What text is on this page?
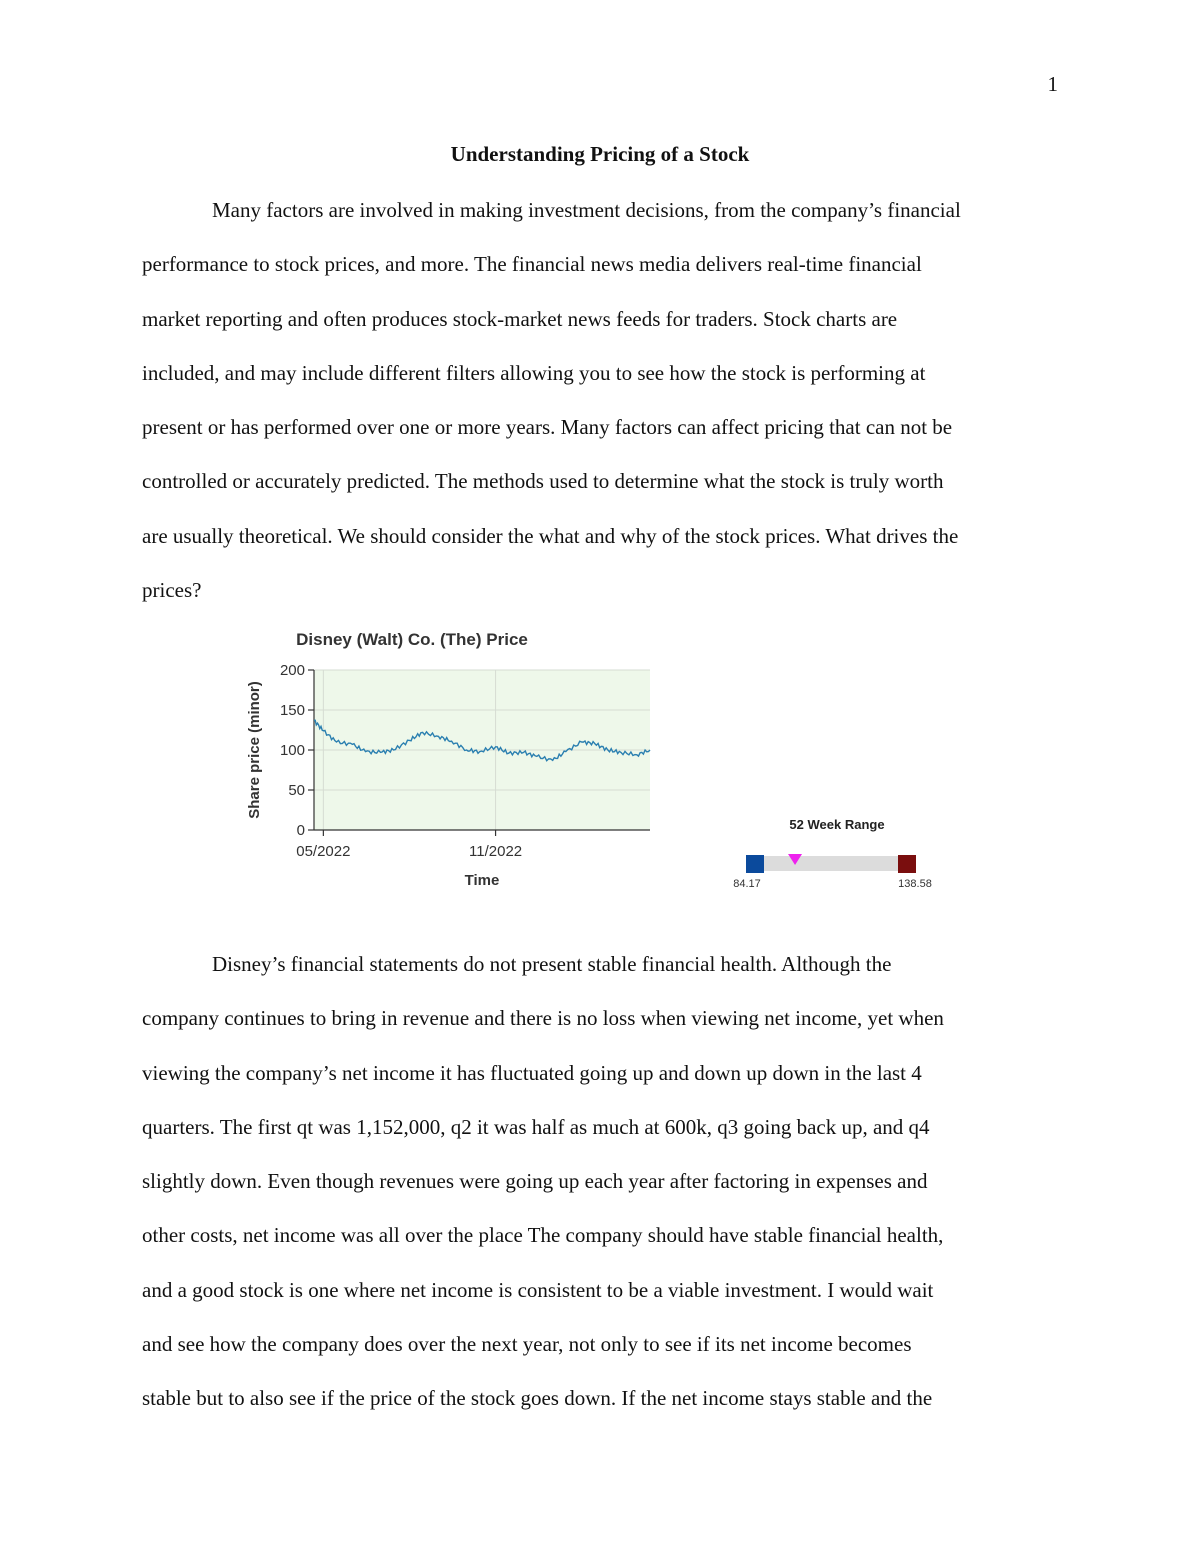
1
Understanding Pricing of a Stock

Many factors are involved in making investment decisions, from the company’s financial
performance to stock prices, and more. The financial news media delivers real-time financial
market reporting and often produces stock-market news feeds for traders. Stock charts are
included, and may include different filters allowing you to see how the stock is performing at
present or has performed over one or more years. Many factors can affect pricing that can not be
controlled or accurately predicted. The methods used to determine what the stock is truly worth
are usually theoretical. We should consider the what and why of the stock prices. What drives the
prices?

Disney (Walt) Co. (The) Price
0
50
100
150
200
05/2022	11/2022
Share price (minor)
Time
52 Week Range
84.17	138.58

Disney’s financial statements do not present stable financial health. Although the
company continues to bring in revenue and there is no loss when viewing net income, yet when
viewing the company’s net income it has fluctuated going up and down up down in the last 4
quarters. The first qt was 1,152,000, q2 it was half as much at 600k, q3 going back up, and q4
slightly down. Even though revenues were going up each year after factoring in expenses and
other costs, net income was all over the place The company should have stable financial health,
and a good stock is one where net income is consistent to be a viable investment. I would wait
and see how the company does over the next year, not only to see if its net income becomes
stable but to also see if the price of the stock goes down. If the net income stays stable and the
